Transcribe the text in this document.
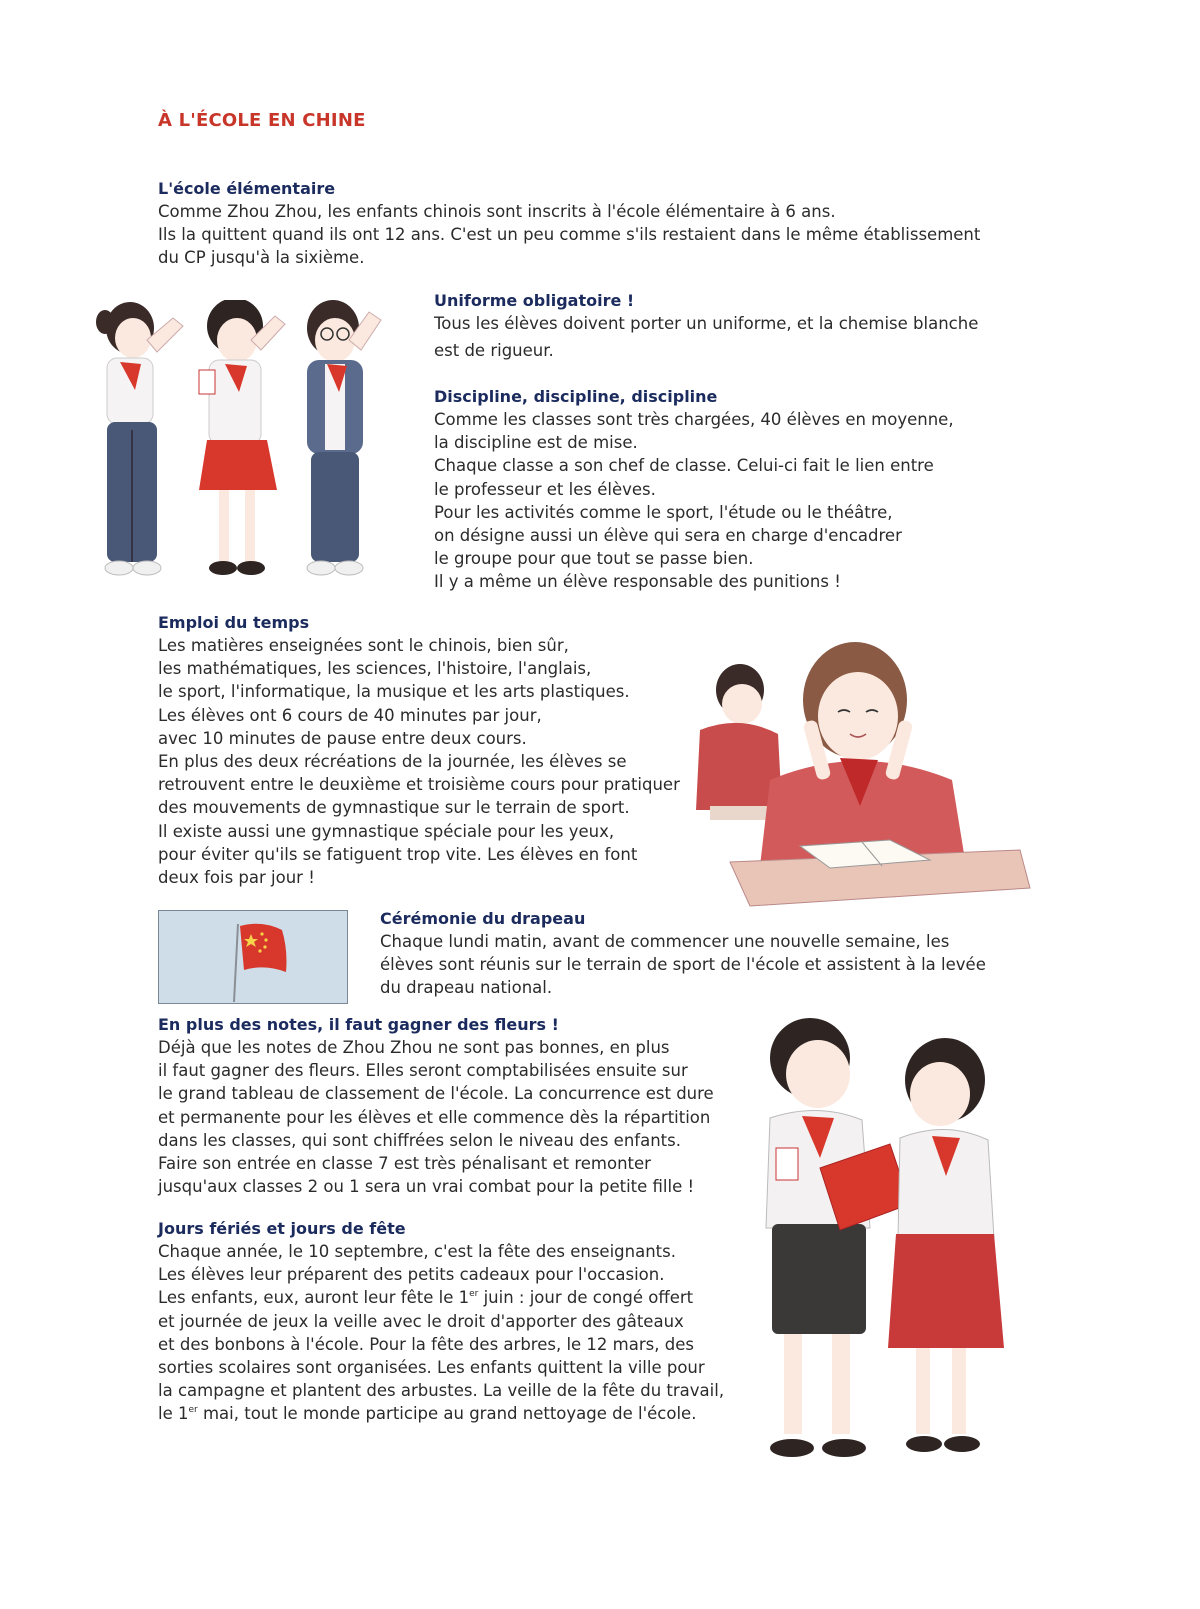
À L'ÉCOLE EN CHINE
L'école élémentaire
Comme Zhou Zhou, les enfants chinois sont inscrits à l'école élémentaire à 6 ans.
Ils la quittent quand ils ont 12 ans. C'est un peu comme s'ils restaient dans le même établissement
du CP jusqu'à la sixième.
Uniforme obligatoire !
Tous les élèves doivent porter un uniforme, et la chemise blanche
est de rigueur.
Discipline, discipline, discipline
Comme les classes sont très chargées, 40 élèves en moyenne,
la discipline est de mise.
Chaque classe a son chef de classe. Celui-ci fait le lien entre
le professeur et les élèves.
Pour les activités comme le sport, l'étude ou le théâtre,
on désigne aussi un élève qui sera en charge d'encadrer
le groupe pour que tout se passe bien.
Il y a même un élève responsable des punitions !
Emploi du temps
Les matières enseignées sont le chinois, bien sûr,
les mathématiques, les sciences, l'histoire, l'anglais,
le sport, l'informatique, la musique et les arts plastiques.
Les élèves ont 6 cours de 40 minutes par jour,
avec 10 minutes de pause entre deux cours.
En plus des deux récréations de la journée, les élèves se
retrouvent entre le deuxième et troisième cours pour pratiquer
des mouvements de gymnastique sur le terrain de sport.
Il existe aussi une gymnastique spéciale pour les yeux,
pour éviter qu'ils se fatiguent trop vite. Les élèves en font
deux fois par jour !
Cérémonie du drapeau
Chaque lundi matin, avant de commencer une nouvelle semaine, les
élèves sont réunis sur le terrain de sport de l'école et assistent à la levée
du drapeau national.
En plus des notes, il faut gagner des fleurs !
Déjà que les notes de Zhou Zhou ne sont pas bonnes, en plus
il faut gagner des fleurs. Elles seront comptabilisées ensuite sur
le grand tableau de classement de l'école. La concurrence est dure
et permanente pour les élèves et elle commence dès la répartition
dans les classes, qui sont chiffrées selon le niveau des enfants.
Faire son entrée en classe 7 est très pénalisant et remonter
jusqu'aux classes 2 ou 1 sera un vrai combat pour la petite fille !
Jours fériés et jours de fête
Chaque année, le 10 septembre, c'est la fête des enseignants.
Les élèves leur préparent des petits cadeaux pour l'occasion.
Les enfants, eux, auront leur fête le 1er juin : jour de congé offert
et journée de jeux la veille avec le droit d'apporter des gâteaux
et des bonbons à l'école. Pour la fête des arbres, le 12 mars, des
sorties scolaires sont organisées. Les enfants quittent la ville pour
la campagne et plantent des arbustes. La veille de la fête du travail,
le 1er mai, tout le monde participe au grand nettoyage de l'école.
